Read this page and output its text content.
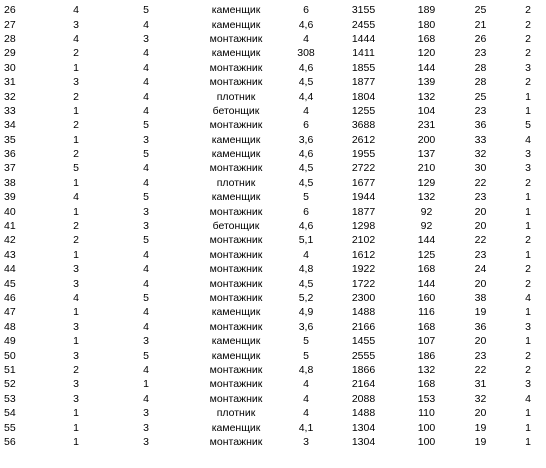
26	4	5	каменщик	6	3155	189	25	2
27	3	4	каменщик	4,6	2455	180	21	2
28	4	3	монтажник	4	1444	168	26	2
29	2	4	каменщик	308	1411	120	23	2
30	1	4	монтажник	4,6	1855	144	28	3
31	3	4	монтажник	4,5	1877	139	28	2
32	2	4	плотник	4,4	1804	132	25	1
33	1	4	бетонщик	4	1255	104	23	1
34	2	5	монтажник	6	3688	231	36	5
35	1	3	каменщик	3,6	2612	200	33	4
36	2	5	каменщик	4,6	1955	137	32	3
37	5	4	монтажник	4,5	2722	210	30	3
38	1	4	плотник	4,5	1677	129	22	2
39	4	5	каменщик	5	1944	132	23	1
40	1	3	монтажник	6	1877	92	20	1
41	2	3	бетонщик	4,6	1298	92	20	1
42	2	5	монтажник	5,1	2102	144	22	2
43	1	4	монтажник	4	1612	125	23	1
44	3	4	монтажник	4,8	1922	168	24	2
45	3	4	монтажник	4,5	1722	144	20	2
46	4	5	монтажник	5,2	2300	160	38	4
47	1	4	каменщик	4,9	1488	116	19	1
48	3	4	монтажник	3,6	2166	168	36	3
49	1	3	каменщик	5	1455	107	20	1
50	3	5	каменщик	5	2555	186	23	2
51	2	4	монтажник	4,8	1866	132	22	2
52	3	1	монтажник	4	2164	168	31	3
53	3	4	монтажник	4	2088	153	32	4
54	1	3	плотник	4	1488	110	20	1
55	1	3	каменщик	4,1	1304	100	19	1
56	1	3	монтажник	3	1304	100	19	1
